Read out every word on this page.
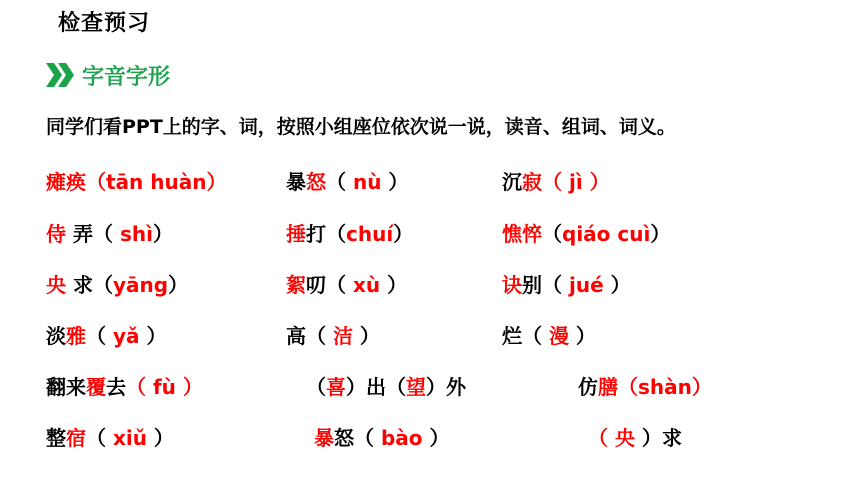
检查预习
字音字形
同学们看PPT上的字、词，按照小组座位依次说一说，读音、组词、词义。
瘫痪（tān huàn）	暴怒（ nù ）	沉寂（ jì ）
侍 弄（ shì）	捶打（chuí）	憔悴（qiáo cuì）
央 求（yāng）	絮叨（ xù ）	诀别（ jué ）
淡雅（ yǎ ）	高（ 洁 ）	烂（ 漫 ）
翻来覆去（ fù ）	（喜）出（望）外	仿膳（shàn）
整宿（ xiǔ ）	暴怒（ bào ）	（ 央 ）求
